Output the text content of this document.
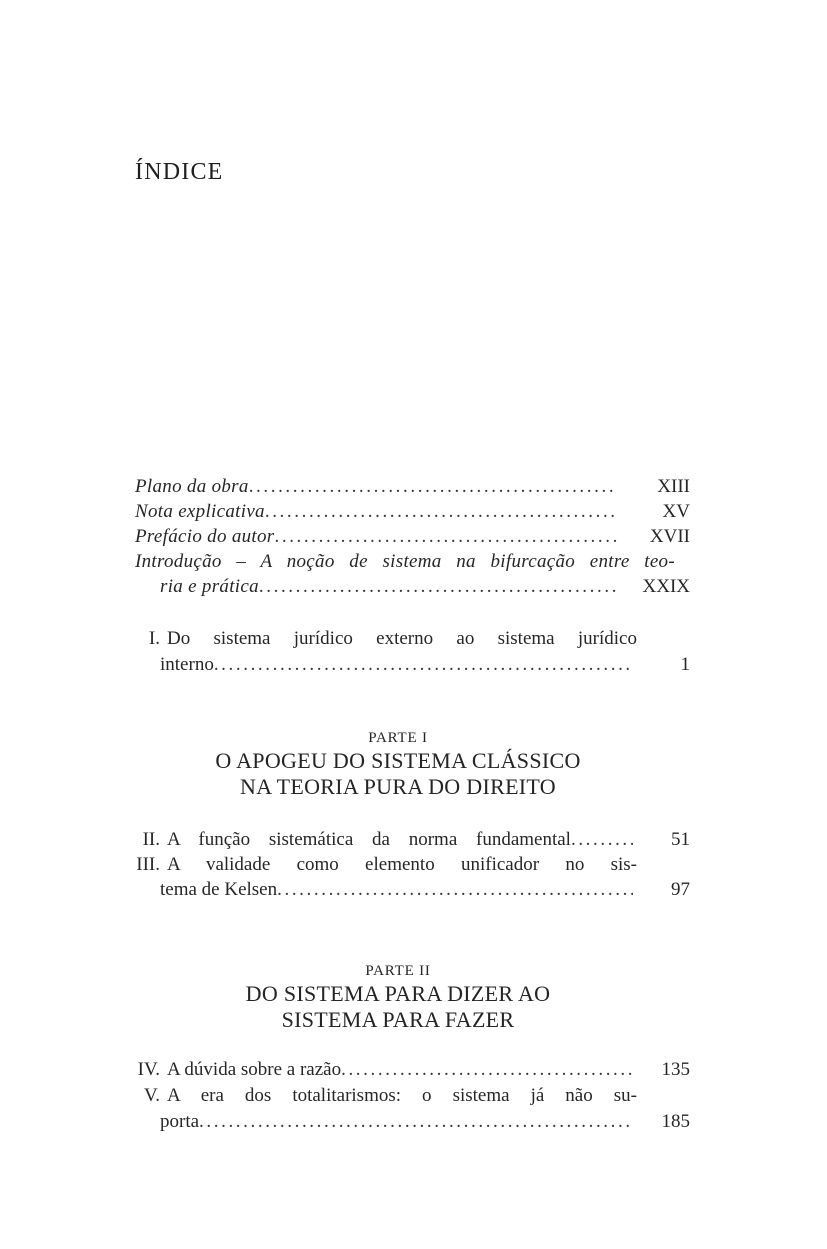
ÍNDICE
Plano da obra .....	XIII
Nota explicativa .....	XV
Prefácio do autor .....	XVII
Introdução – A noção de sistema na bifurcação entre teo-
ria e prática .....	XXIX
I. Do sistema jurídico externo ao sistema jurídico
interno .....	1
PARTE I
O APOGEU DO SISTEMA CLÁSSICO
NA TEORIA PURA DO DIREITO
II. A função sistemática da norma fundamental .....	51
III. A validade como elemento unificador no sis-
tema de Kelsen .....	97
PARTE II
DO SISTEMA PARA DIZER AO
SISTEMA PARA FAZER
IV. A dúvida sobre a razão .....	135
V. A era dos totalitarismos: o sistema já não su-
porta .....	185
